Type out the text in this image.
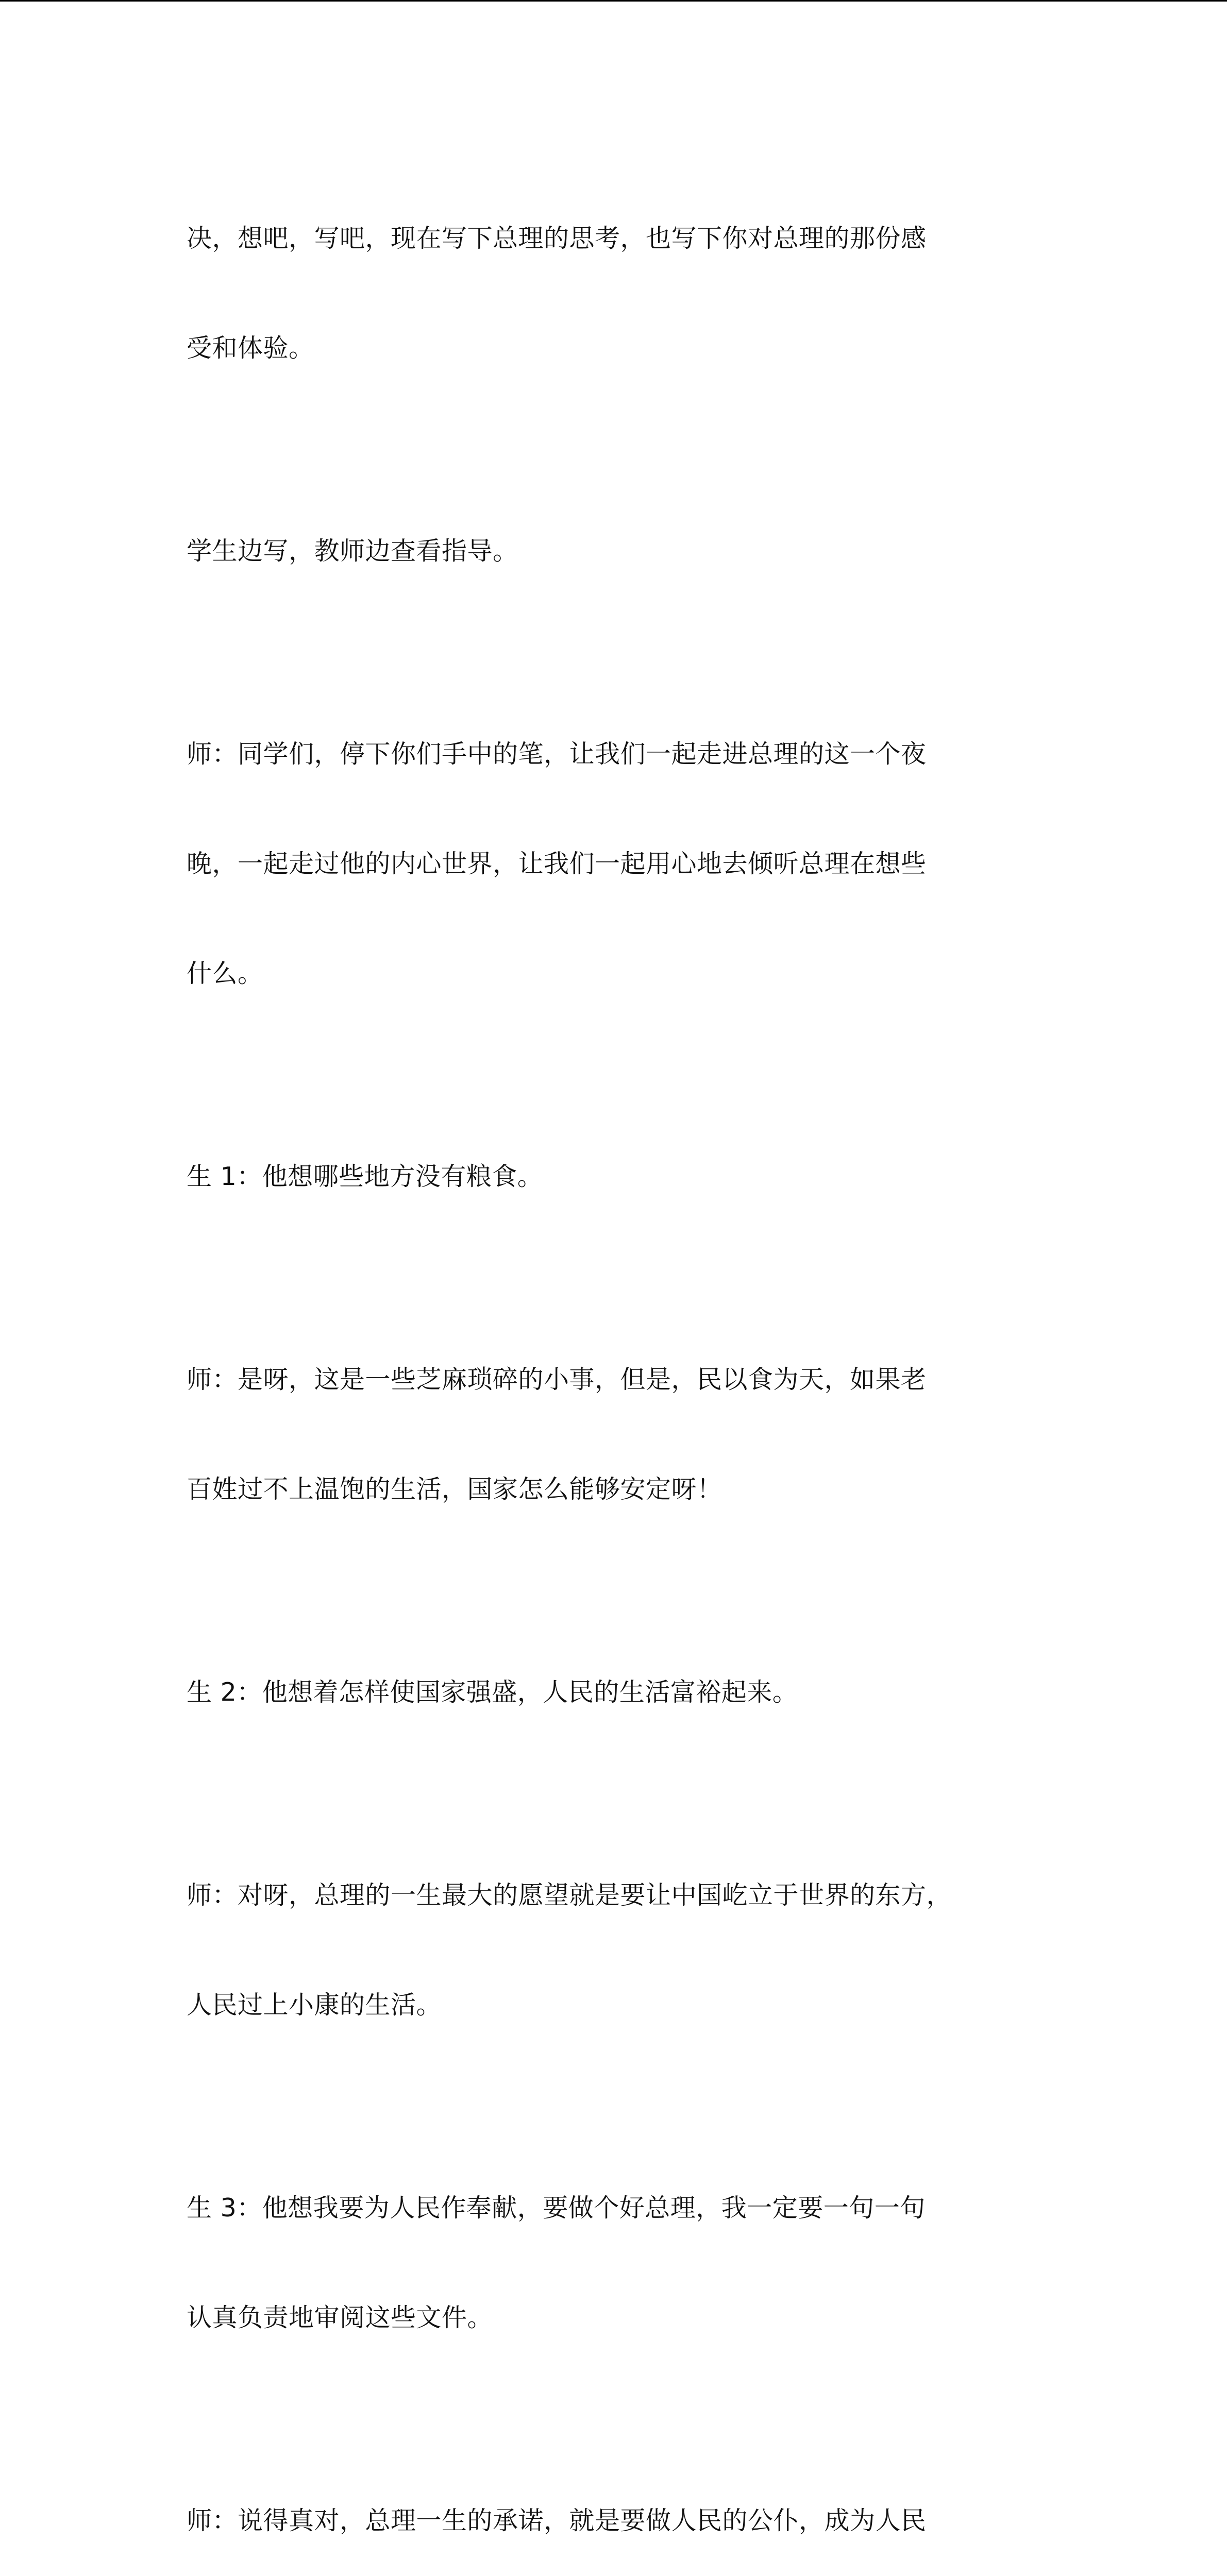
决，想吧，写吧，现在写下总理的思考，也写下你对总理的那份感

受和体验。

学生边写，教师边查看指导。

师：同学们，停下你们手中的笔，让我们一起走进总理的这一个夜

晚，一起走过他的内心世界，让我们一起用心地去倾听总理在想些

什么。

生 1：他想哪些地方没有粮食。

师：是呀，这是一些芝麻琐碎的小事，但是，民以食为天，如果老

百姓过不上温饱的生活，国家怎么能够安定呀！

生 2：他想着怎样使国家强盛，人民的生活富裕起来。

师：对呀，总理的一生最大的愿望就是要让中国屹立于世界的东方，

人民过上小康的生活。

生 3：他想我要为人民作奉献，要做个好总理，我一定要一句一句

认真负责地审阅这些文件。

师：说得真对，总理一生的承诺，就是要做人民的公仆，成为人民
